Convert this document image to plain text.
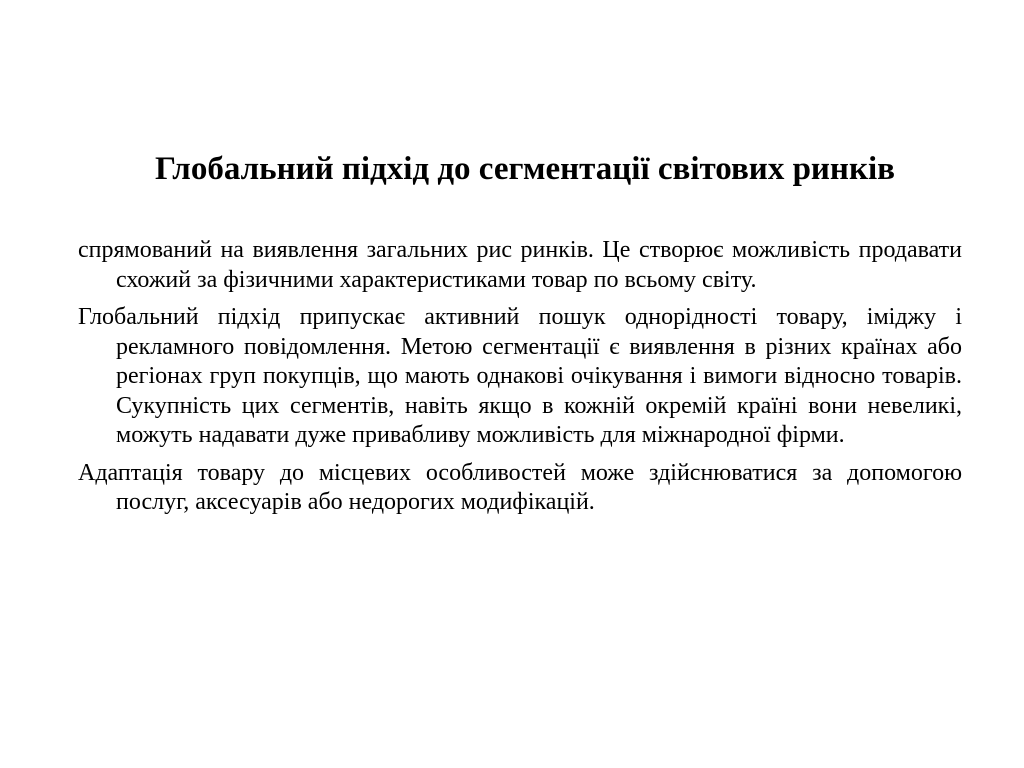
Глобальний підхід до сегментації світових ринків

спрямований на виявлення загальних рис ринків. Це створює можливість продавати схожий за фізичними характеристиками товар по всьому світу.

Глобальний підхід припускає активний пошук однорідності товару, іміджу і рекламного повідомлення. Метою сегментації є виявлення в різних країнах або регіонах груп покупців, що мають однакові очікування і вимоги відносно товарів. Сукупність цих сегментів, навіть якщо в кожній окремій країні вони невеликі, можуть надавати дуже привабливу можливість для міжнародної фірми.

Адаптація товару до місцевих особливостей може здійснюватися за допомогою послуг, аксесуарів або недорогих модифікацій.
